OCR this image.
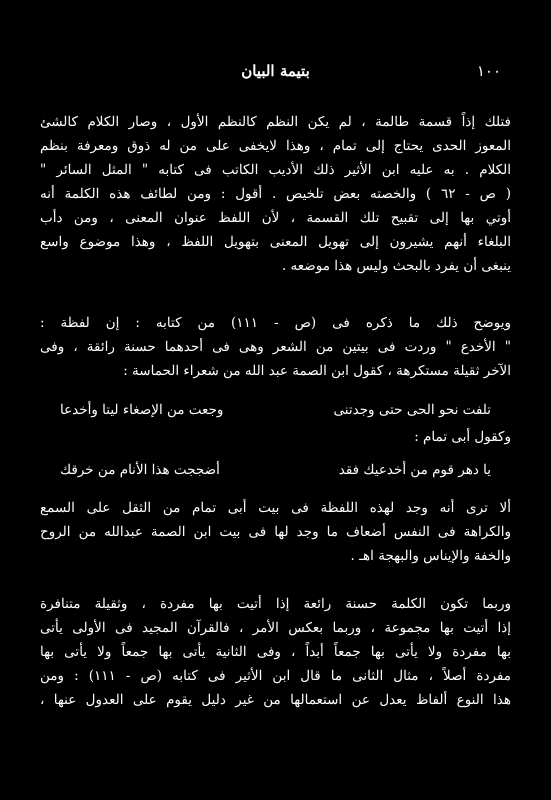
١٠٠
بتيمة البيان
فتلك إذاً قسمة طالمة ، لم يكن النظم كالنظم الأول ، وصار الكلام كالشئ
المعوز الحدى يحتاج إلى تمام ، وهذا لايخفى على من له ذوق ومعرفة بنظم
الكلام . به عليه ابن الأثير ذلك الأديب الكاتب فى كتابه " المثل السائر "
( ص - ٦٢ ) والخصته بعض تلخيص . أقول : ومن لطائف هذه الكلمة أنه
أوتي بها إلى تقبيح تلك القسمة ، لأن اللفظ عنوان المعنى ، ومن دأب
البلغاء أنهم يشيرون إلى تهويل المعنى بتهويل اللفظ ، وهذا موضوع واسع
ينبغى أن يفرد بالبحث وليس هذا موضعه .
ويوضح ذلك ما ذكره فى (ص - ١١١) من كتابه : إن لفظة :
" الأخدع " وردت فى بيتين من الشعر وهى فى أحدهما حسنة رائقة ، وفى
الآخر ثقيلة مستكرهة ، كقول ابن الصمة عبد الله من شعراء الحماسة :
تلفت نحو الحى حتى وجدتنى
وجعت من الإصغاء ليتا وأخدعا
وكقول أبى تمام :
يا دهر قوم من أخدعيك فقد
أضججت هذا الأنام من خرقك
ألا ترى أنه وجد لهذه اللفظة فى بيت أبى تمام من الثقل على السمع
والكراهة فى النفس أضعاف ما وجد لها فى بيت ابن الصمة عبدالله من الروح
والخفة والإيناس والبهجة اهـ .
وربما تكون الكلمة حسنة رائعة إذا أتيت بها مفردة ، وثقيلة متنافرة
إذا أتيت بها مجموعة ، وربما بعكس الأمر ، فالقرآن المجيد فى الأولى يأتى
بها مفردة ولا يأتى بها جمعاً أبداً ، وفى الثانية يأتى بها جمعاً ولا يأتى بها
مفردة أصلاً ، مثال الثانى ما قال ابن الأثير فى كتابه (ص - ١١١) : ومن
هذا النوع ألفاظ يعدل عن استعمالها من غير دليل يقوم على العدول عنها ،
